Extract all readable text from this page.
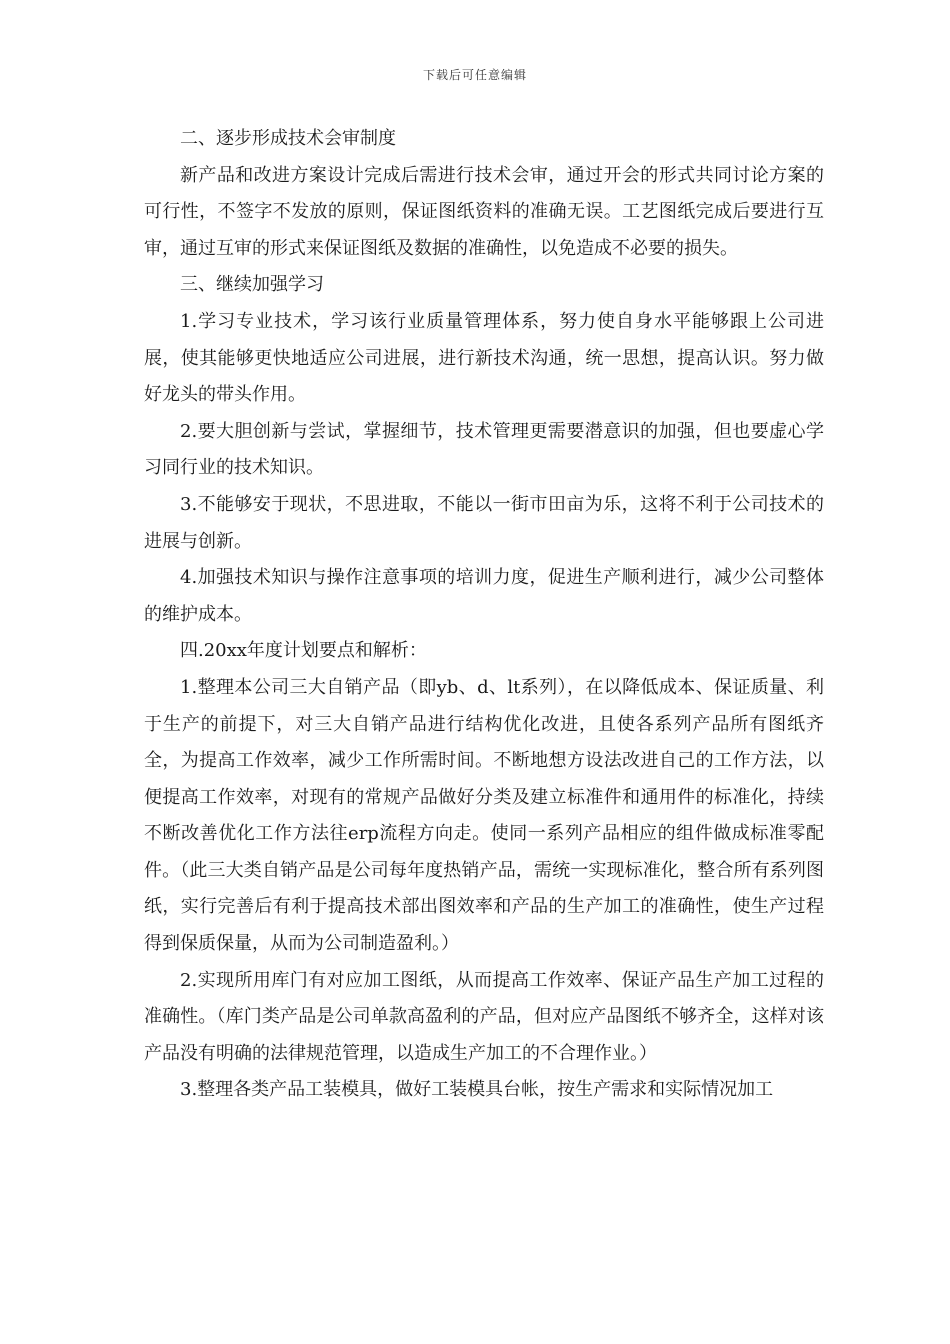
下载后可任意编辑

二、逐步形成技术会审制度

新产品和改进方案设计完成后需进行技术会审，通过开会的形式共同讨论方案的可行性，不签字不发放的原则，保证图纸资料的准确无误。工艺图纸完成后要进行互审，通过互审的形式来保证图纸及数据的准确性，以免造成不必要的损失。

三、继续加强学习

1.学习专业技术，学习该行业质量管理体系，努力使自身水平能够跟上公司进展，使其能够更快地适应公司进展，进行新技术沟通，统一思想，提高认识。努力做好龙头的带头作用。

2.要大胆创新与尝试，掌握细节，技术管理更需要潜意识的加强，但也要虚心学习同行业的技术知识。

3.不能够安于现状，不思进取，不能以一街市田亩为乐，这将不利于公司技术的进展与创新。

4.加强技术知识与操作注意事项的培训力度，促进生产顺利进行，减少公司整体的维护成本。

四.20xx年度计划要点和解析：

1.整理本公司三大自销产品（即yb、d、lt系列），在以降低成本、保证质量、利于生产的前提下，对三大自销产品进行结构优化改进，且使各系列产品所有图纸齐全，为提高工作效率，减少工作所需时间。不断地想方设法改进自己的工作方法，以便提高工作效率，对现有的常规产品做好分类及建立标准件和通用件的标准化，持续不断改善优化工作方法往erp流程方向走。使同一系列产品相应的组件做成标准零配件。（此三大类自销产品是公司每年度热销产品，需统一实现标准化，整合所有系列图纸，实行完善后有利于提高技术部出图效率和产品的生产加工的准确性，使生产过程得到保质保量，从而为公司制造盈利。）

2.实现所用库门有对应加工图纸，从而提高工作效率、保证产品生产加工过程的准确性。（库门类产品是公司单款高盈利的产品，但对应产品图纸不够齐全，这样对该产品没有明确的法律规范管理，以造成生产加工的不合理作业。）

3.整理各类产品工装模具，做好工装模具台帐，按生产需求和实际情况加工
